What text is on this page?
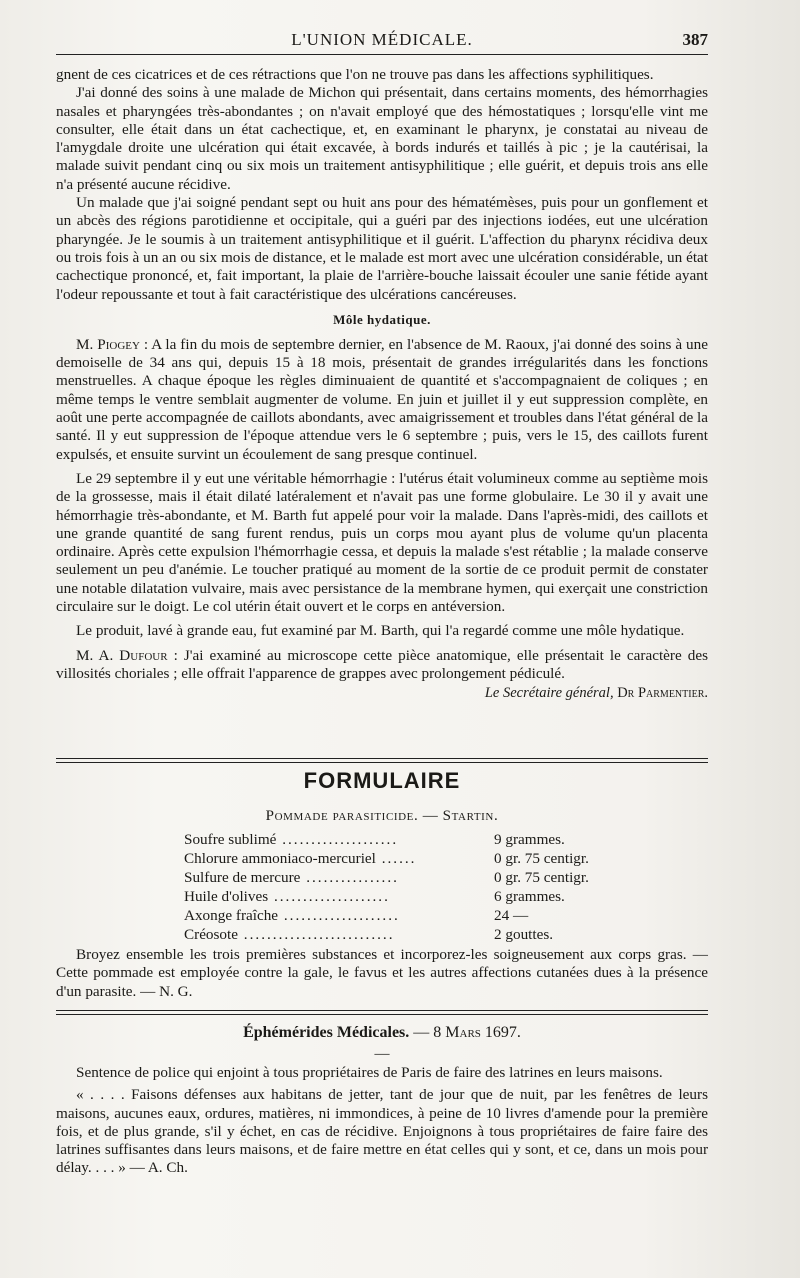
L'UNION MÉDICALE.	387

gnent de ces cicatrices et de ces rétractions que l'on ne trouve pas dans les affections syphilitiques.

J'ai donné des soins à une malade de Michon qui présentait, dans certains moments, des hémorrhagies nasales et pharyngées très-abondantes ; on n'avait employé que des hémostatiques ; lorsqu'elle vint me consulter, elle était dans un état cachectique, et, en examinant le pharynx, je constatai au niveau de l'amygdale droite une ulcération qui était excavée, à bords indurés et taillés à pic ; je la cautérisai, la malade suivit pendant cinq ou six mois un traitement antisyphilitique ; elle guérit, et depuis trois ans elle n'a présenté aucune récidive.

Un malade que j'ai soigné pendant sept ou huit ans pour des hématémèses, puis pour un gonflement et un abcès des régions parotidienne et occipitale, qui a guéri par des injections iodées, eut une ulcération pharyngée. Je le soumis à un traitement antisyphilitique et il guérit. L'affection du pharynx récidiva deux ou trois fois à un an ou six mois de distance, et le malade est mort avec une ulcération considérable, un état cachectique prononcé, et, fait important, la plaie de l'arrière-bouche laissait écouler une sanie fétide ayant l'odeur repoussante et tout à fait caractéristique des ulcérations cancéreuses.

Môle hydatique.

M. Piogey : A la fin du mois de septembre dernier, en l'absence de M. Raoux, j'ai donné des soins à une demoiselle de 34 ans qui, depuis 15 à 18 mois, présentait de grandes irrégularités dans les fonctions menstruelles. A chaque époque les règles diminuaient de quantité et s'accompagnaient de coliques ; en même temps le ventre semblait augmenter de volume. En juin et juillet il y eut suppression complète, en août une perte accompagnée de caillots abondants, avec amaigrissement et troubles dans l'état général de la santé. Il y eut suppression de l'époque attendue vers le 6 septembre ; puis, vers le 15, des caillots furent expulsés, et ensuite survint un écoulement de sang presque continuel.

Le 29 septembre il y eut une véritable hémorrhagie : l'utérus était volumineux comme au septième mois de la grossesse, mais il était dilaté latéralement et n'avait pas une forme globulaire. Le 30 il y avait une hémorrhagie très-abondante, et M. Barth fut appelé pour voir la malade. Dans l'après-midi, des caillots et une grande quantité de sang furent rendus, puis un corps mou ayant plus de volume qu'un placenta ordinaire. Après cette expulsion l'hémorrhagie cessa, et depuis la malade s'est rétablie ; la malade conserve seulement un peu d'anémie. Le toucher pratiqué au moment de la sortie de ce produit permit de constater une notable dilatation vulvaire, mais avec persistance de la membrane hymen, qui exerçait une constriction circulaire sur le doigt. Le col utérin était ouvert et le corps en antéversion.

Le produit, lavé à grande eau, fut examiné par M. Barth, qui l'a regardé comme une môle hydatique.

M. A. Dufour : J'ai examiné au microscope cette pièce anatomique, elle présentait le caractère des villosités choriales ; elle offrait l'apparence de grappes avec prolongement pédiculé.

Le Secrétaire général, Dr Parmentier.
FORMULAIRE
Pommade parasiticide. — Startin.
Soufre sublimé ....................	9 grammes.
Chlorure ammoniaco-mercuriel ......	0 gr. 75 centigr.
Sulfure de mercure ................	0 gr. 75 centigr.
Huile d'olives ....................	6 grammes.
Axonge fraîche ....................	24 —
Créosote ..........................	2 gouttes.

Broyez ensemble les trois premières substances et incorporez-les soigneusement aux corps gras. — Cette pommade est employée contre la gale, le favus et les autres affections cutanées dues à la présence d'un parasite. — N. G.

Éphémérides Médicales. — 8 Mars 1697.
—

Sentence de police qui enjoint à tous propriétaires de Paris de faire des latrines en leurs maisons.

« . . . . Faisons défenses aux habitans de jetter, tant de jour que de nuit, par les fenêtres de leurs maisons, aucunes eaux, ordures, matières, ni immondices, à peine de 10 livres d'amende pour la première fois, et de plus grande, s'il y échet, en cas de récidive. Enjoignons à tous propriétaires de faire faire des latrines suffisantes dans leurs maisons, et de faire mettre en état celles qui y sont, et ce, dans un mois pour délay. . . . » — A. Ch.
